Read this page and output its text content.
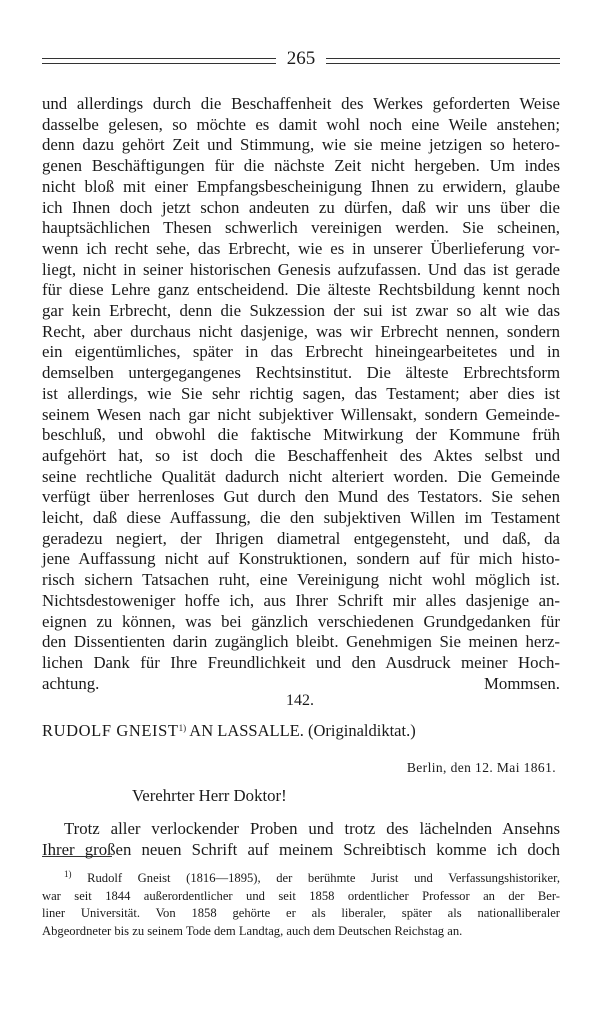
265

und allerdings durch die Beschaffenheit des Werkes geforderten Weise

dasselbe gelesen, so möchte es damit wohl noch eine Weile anstehen;

denn dazu gehört Zeit und Stimmung, wie sie meine jetzigen so hetero-

genen Beschäftigungen für die nächste Zeit nicht hergeben. Um indes

nicht bloß mit einer Empfangsbescheinigung Ihnen zu erwidern, glaube

ich Ihnen doch jetzt schon andeuten zu dürfen, daß wir uns über die

hauptsächlichen Thesen schwerlich vereinigen werden. Sie scheinen,

wenn ich recht sehe, das Erbrecht, wie es in unserer Überlieferung vor-

liegt, nicht in seiner historischen Genesis aufzufassen. Und das ist gerade

für diese Lehre ganz entscheidend. Die älteste Rechtsbildung kennt noch

gar kein Erbrecht, denn die Sukzession der sui ist zwar so alt wie das

Recht, aber durchaus nicht dasjenige, was wir Erbrecht nennen, sondern

ein eigentümliches, später in das Erbrecht hineingearbeitetes und in

demselben untergegangenes Rechtsinstitut. Die älteste Erbrechtsform

ist allerdings, wie Sie sehr richtig sagen, das Testament; aber dies ist

seinem Wesen nach gar nicht subjektiver Willensakt, sondern Gemeinde-

beschluß, und obwohl die faktische Mitwirkung der Kommune früh

aufgehört hat, so ist doch die Beschaffenheit des Aktes selbst und

seine rechtliche Qualität dadurch nicht alteriert worden. Die Gemeinde

verfügt über herrenloses Gut durch den Mund des Testators. Sie sehen

leicht, daß diese Auffassung, die den subjektiven Willen im Testament

geradezu negiert, der Ihrigen diametral entgegensteht, und daß, da

jene Auffassung nicht auf Konstruktionen, sondern auf für mich histo-

risch sichern Tatsachen ruht, eine Vereinigung nicht wohl möglich ist.

Nichtsdestoweniger hoffe ich, aus Ihrer Schrift mir alles dasjenige an-

eignen zu können, was bei gänzlich verschiedenen Grundgedanken für

den Dissentienten darin zugänglich bleibt. Genehmigen Sie meinen herz-

lichen Dank für Ihre Freundlichkeit und den Ausdruck meiner Hoch-

achtung.	Mommsen.

142.
RUDOLF GNEIST$^{1)}$ AN LASSALLE. (Originaldiktat.)
Berlin, den 12. Mai 1861.
Verehrter Herr Doktor!

Trotz aller verlockender Proben und trotz des lächelnden Ansehns

Ihrer großen neuen Schrift auf meinem Schreibtisch komme ich doch

$^{1)}$ Rudolf Gneist (1816—1895), der berühmte Jurist und Verfassungshistoriker,

war seit 1844 außerordentlicher und seit 1858 ordentlicher Professor an der Ber-

liner Universität. Von 1858 gehörte er als liberaler, später als nationalliberaler

Abgeordneter bis zu seinem Tode dem Landtag, auch dem Deutschen Reichstag an.
